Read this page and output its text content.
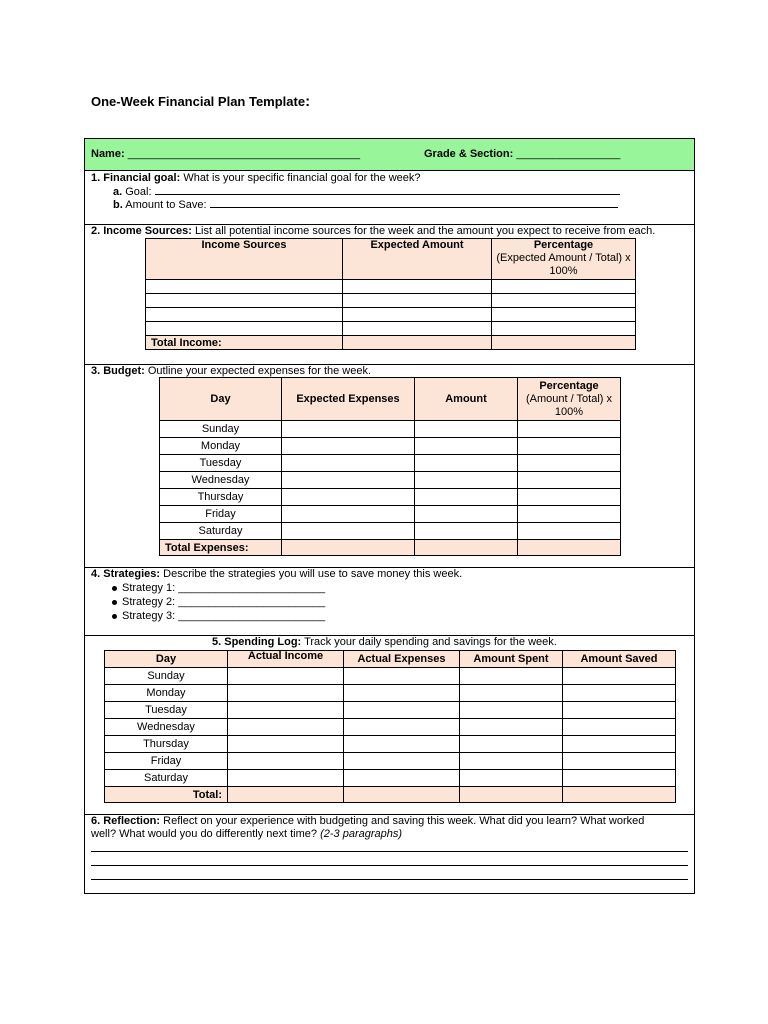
One-Week Financial Plan Template:
Name: ______________________________________	Grade & Section: _________________
1. Financial goal: What is your specific financial goal for the week?
a. Goal:
b. Amount to Save:
2. Income Sources: List all potential income sources for the week and the amount you expect to receive from each.
Income Sources	Expected Amount	Percentage
(Expected Amount / Total) x 100%

Total Income:		
3. Budget: Outline your expected expenses for the week.
Day	Expected Expenses	Amount	Percentage
(Amount / Total) x 100%
Sunday			
Monday			
Tuesday			
Wednesday			
Thursday			
Friday			
Saturday			
Total Expenses:			
4. Strategies: Describe the strategies you will use to save money this week.
Strategy 1: ________________________
Strategy 2: ________________________
Strategy 3: ________________________
5. Spending Log: Track your daily spending and savings for the week.
Day	Actual Income	Actual Expenses	Amount Spent	Amount Saved
Sunday				
Monday				
Tuesday				
Wednesday				
Thursday				
Friday				
Saturday				
Total:				
6. Reflection: Reflect on your experience with budgeting and saving this week. What did you learn? What worked
well? What would you do differently next time? (2-3 paragraphs)
